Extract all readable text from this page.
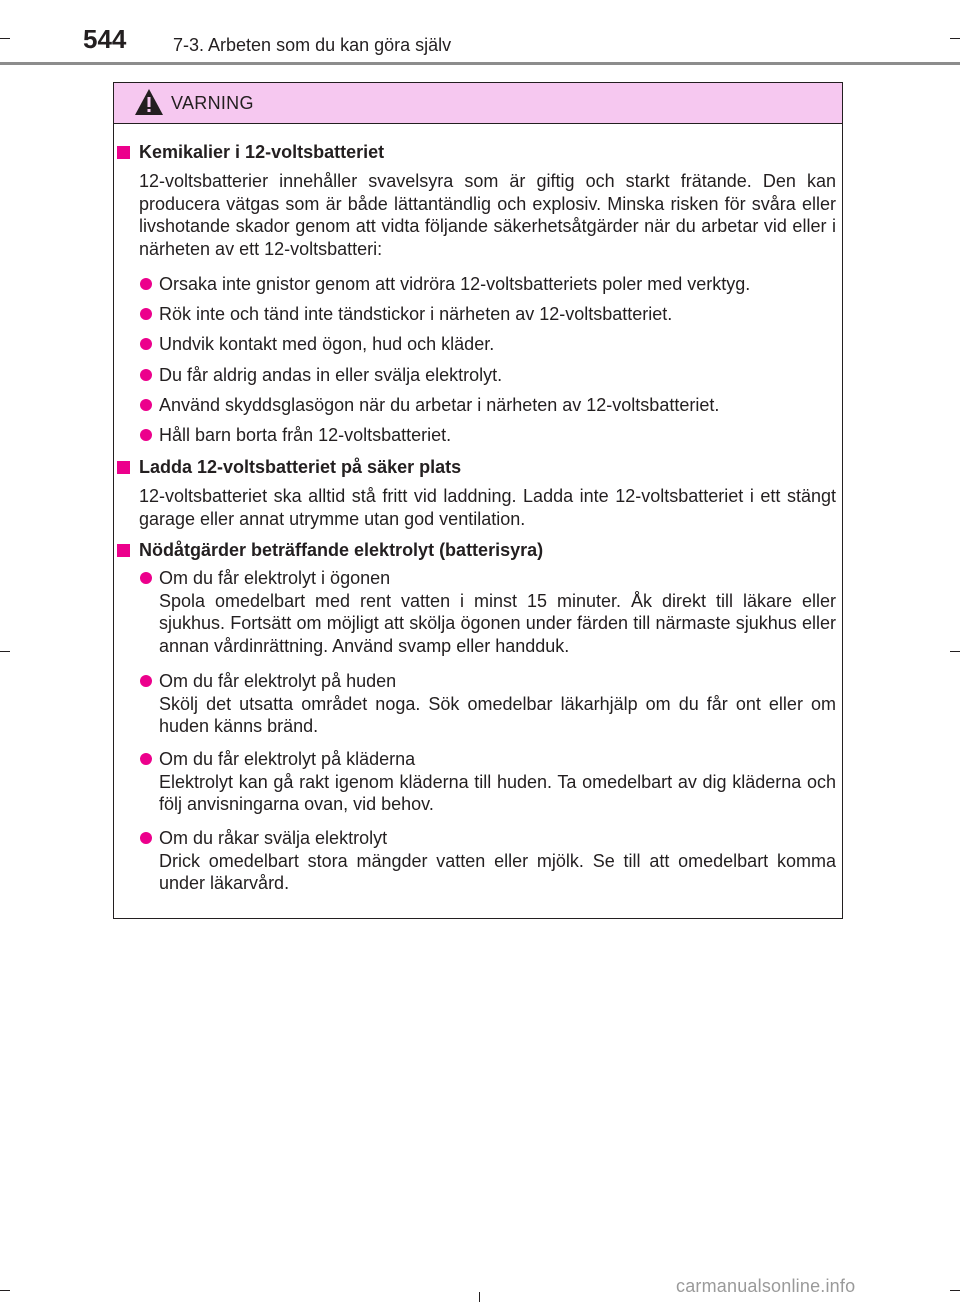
544	7-3. Arbeten som du kan göra själv
VARNING
Kemikalier i 12-voltsbatteriet
12-voltsbatterier innehåller svavelsyra som är giftig och starkt frätande. Den kan producera vätgas som är både lättantändlig och explosiv. Minska risken för svåra eller livshotande skador genom att vidta följande säkerhetsåtgärder när du arbetar vid eller i närheten av ett 12-voltsbatteri:
Orsaka inte gnistor genom att vidröra 12-voltsbatteriets poler med verktyg.
Rök inte och tänd inte tändstickor i närheten av 12-voltsbatteriet.
Undvik kontakt med ögon, hud och kläder.
Du får aldrig andas in eller svälja elektrolyt.
Använd skyddsglasögon när du arbetar i närheten av 12-voltsbatteriet.
Håll barn borta från 12-voltsbatteriet.
Ladda 12-voltsbatteriet på säker plats
12-voltsbatteriet ska alltid stå fritt vid laddning. Ladda inte 12-voltsbatteriet i ett stängt garage eller annat utrymme utan god ventilation.
Nödåtgärder beträffande elektrolyt (batterisyra)
Om du får elektrolyt i ögonen
Spola omedelbart med rent vatten i minst 15 minuter. Åk direkt till läkare eller sjukhus. Fortsätt om möjligt att skölja ögonen under färden till närmaste sjukhus eller annan vårdinrättning. Använd svamp eller handduk.
Om du får elektrolyt på huden
Skölj det utsatta området noga. Sök omedelbar läkarhjälp om du får ont eller om huden känns bränd.
Om du får elektrolyt på kläderna
Elektrolyt kan gå rakt igenom kläderna till huden. Ta omedelbart av dig kläderna och följ anvisningarna ovan, vid behov.
Om du råkar svälja elektrolyt
Drick omedelbart stora mängder vatten eller mjölk. Se till att omedelbart komma under läkarvård.
carmanualsonline.info
